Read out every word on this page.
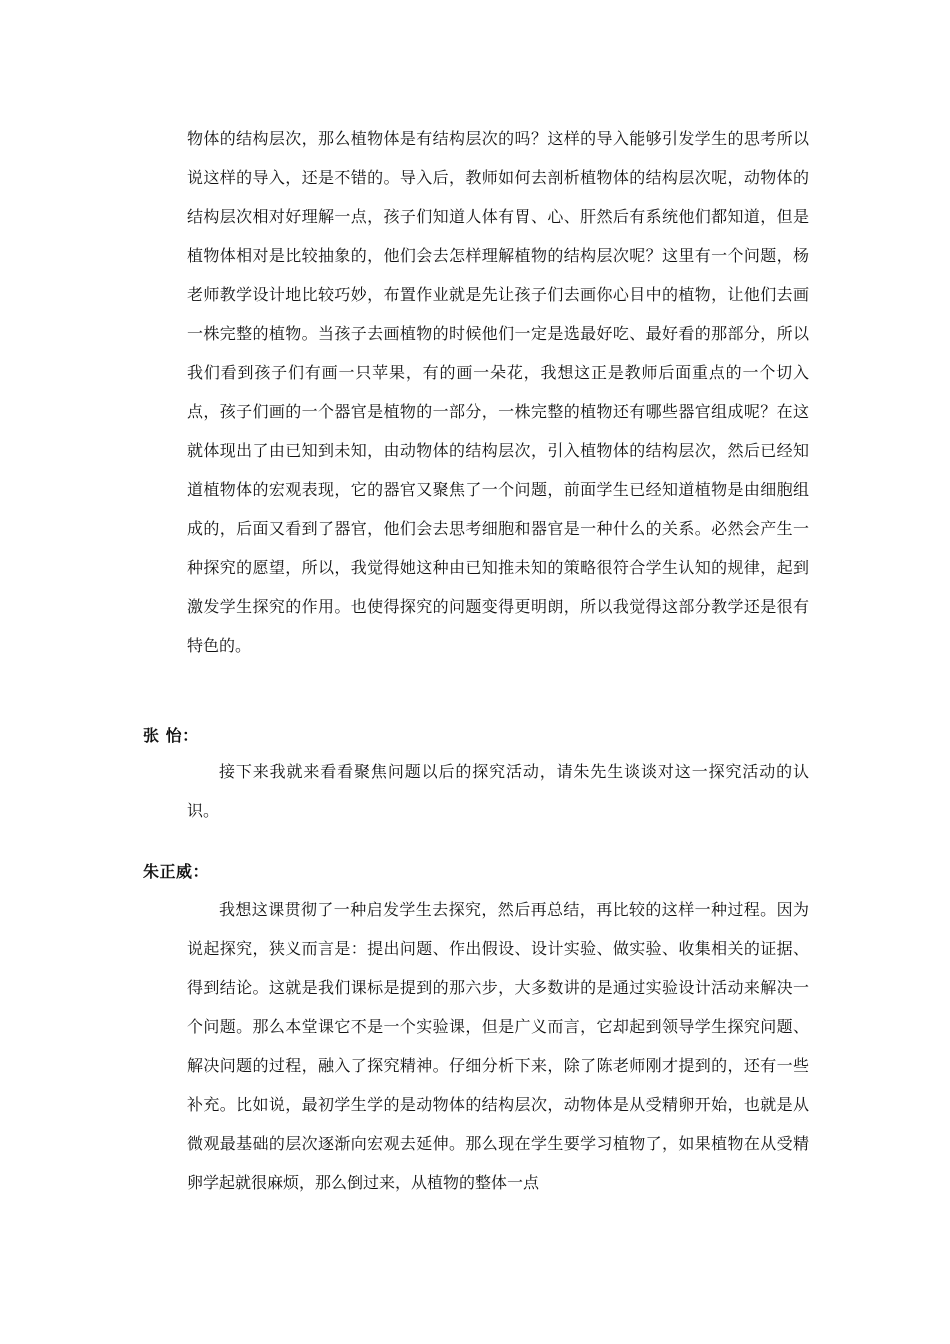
物体的结构层次，那么植物体是有结构层次的吗？这样的导入能够引发学生的思考所以说这样的导入，还是不错的。导入后，教师如何去剖析植物体的结构层次呢，动物体的结构层次相对好理解一点，孩子们知道人体有胃、心、肝然后有系统他们都知道，但是植物体相对是比较抽象的，他们会去怎样理解植物的结构层次呢？这里有一个问题，杨老师教学设计地比较巧妙，布置作业就是先让孩子们去画你心目中的植物，让他们去画一株完整的植物。当孩子去画植物的时候他们一定是选最好吃、最好看的那部分，所以我们看到孩子们有画一只苹果，有的画一朵花，我想这正是教师后面重点的一个切入点，孩子们画的一个器官是植物的一部分，一株完整的植物还有哪些器官组成呢？在这就体现出了由已知到未知，由动物体的结构层次，引入植物体的结构层次，然后已经知道植物体的宏观表现，它的器官又聚焦了一个问题，前面学生已经知道植物是由细胞组成的，后面又看到了器官，他们会去思考细胞和器官是一种什么的关系。必然会产生一种探究的愿望，所以，我觉得她这种由已知推未知的策略很符合学生认知的规律，起到激发学生探究的作用。也使得探究的问题变得更明朗，所以我觉得这部分教学还是很有特色的。

张 怡：

接下来我就来看看聚焦问题以后的探究活动，请朱先生谈谈对这一探究活动的认识。

朱正威：

我想这课贯彻了一种启发学生去探究，然后再总结，再比较的这样一种过程。因为说起探究，狭义而言是：提出问题、作出假设、设计实验、做实验、收集相关的证据、得到结论。这就是我们课标是提到的那六步，大多数讲的是通过实验设计活动来解决一个问题。那么本堂课它不是一个实验课，但是广义而言，它却起到领导学生探究问题、解决问题的过程，融入了探究精神。仔细分析下来，除了陈老师刚才提到的，还有一些补充。比如说，最初学生学的是动物体的结构层次，动物体是从受精卵开始，也就是从微观最基础的层次逐渐向宏观去延伸。那么现在学生要学习植物了，如果植物在从受精卵学起就很麻烦，那么倒过来，从植物的整体一点
